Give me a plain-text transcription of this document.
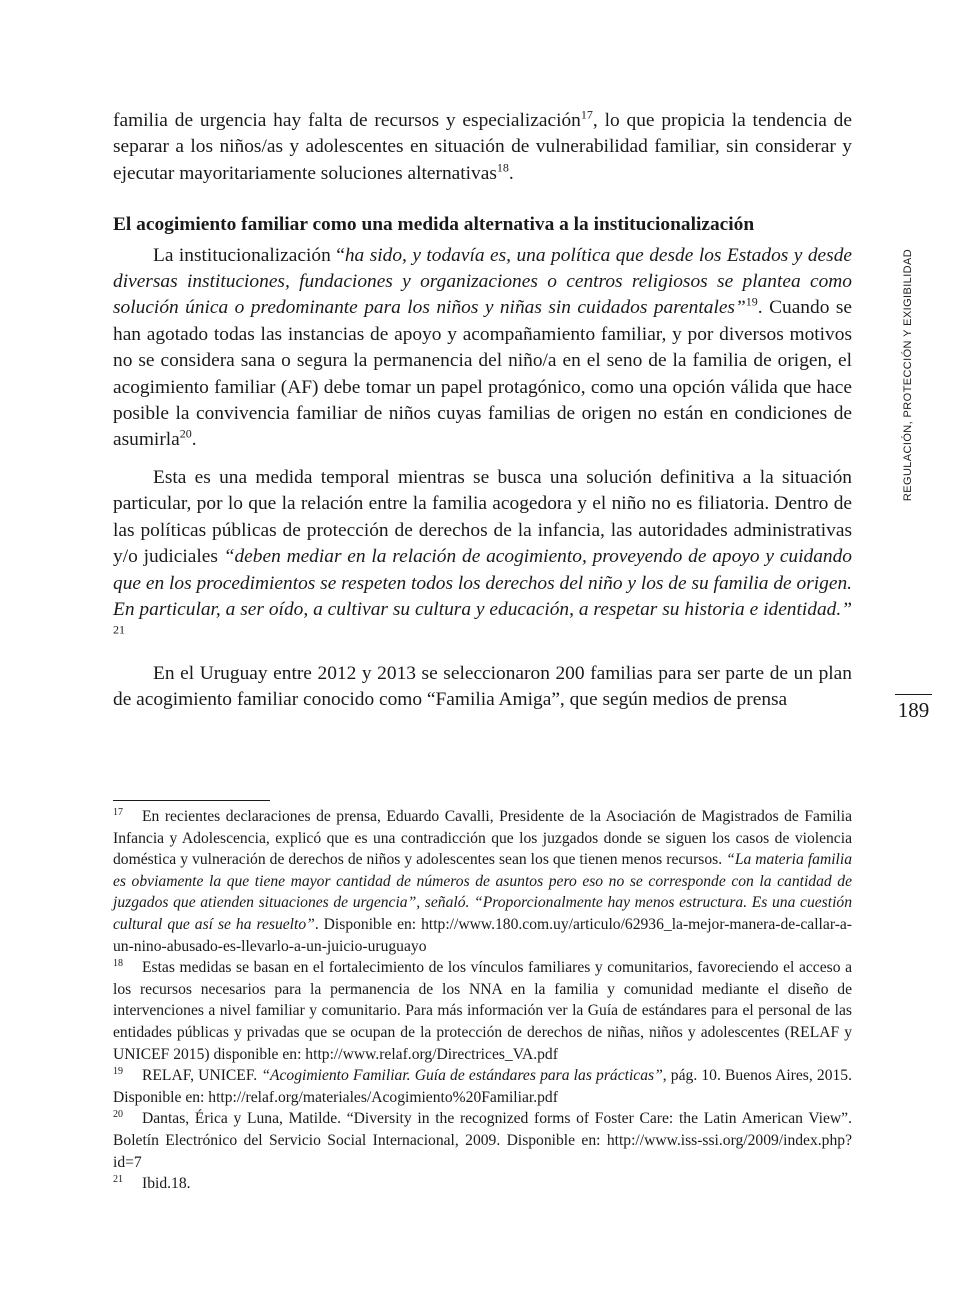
familia de urgencia hay falta de recursos y especialización$^{17}$, lo que propicia la tendencia de separar a los niños/as y adolescentes en situación de vulnerabilidad familiar, sin considerar y ejecutar mayoritariamente soluciones alternativas$^{18}$.

El acogimiento familiar como una medida alternativa a la institucionalización

La institucionalización “ha sido, y todavía es, una política que desde los Estados y desde diversas instituciones, fundaciones y organizaciones o centros religiosos se plantea como solución única o predominante para los niños y niñas sin cuidados parentales”$^{19}$. Cuando se han agotado todas las instancias de apoyo y acompañamiento familiar, y por diversos motivos no se considera sana o segura la permanencia del niño/a en el seno de la familia de origen, el acogimiento familiar (AF) debe tomar un papel protagónico, como una opción válida que hace posible la convivencia familiar de niños cuyas familias de origen no están en condiciones de asumirla$^{20}$.

Esta es una medida temporal mientras se busca una solución definitiva a la situación particular, por lo que la relación entre la familia acogedora y el niño no es filiatoria. Dentro de las políticas públicas de protección de derechos de la infancia, las autoridades administrativas y/o judiciales “deben mediar en la relación de acogimiento, proveyendo de apoyo y cuidando que en los procedimientos se respeten todos los derechos del niño y los de su familia de origen. En particular, a ser oído, a cultivar su cultura y educación, a respetar su historia e identidad.” $^{21}$

En el Uruguay entre 2012 y 2013 se seleccionaron 200 familias para ser parte de un plan de acogimiento familiar conocido como “Familia Amiga”, que según medios de prensa

REGULACIÓN, PROTECCIÓN Y EXIGIBILIDAD
189

17 En recientes declaraciones de prensa, Eduardo Cavalli, Presidente de la Asociación de Magistrados de Familia Infancia y Adolescencia, explicó que es una contradicción que los juzgados donde se siguen los casos de violencia doméstica y vulneración de derechos de niños y adolescentes sean los que tienen menos recursos. “La materia familia es obviamente la que tiene mayor cantidad de números de asuntos pero eso no se corresponde con la cantidad de juzgados que atienden situaciones de urgencia”, señaló. “Proporcionalmente hay menos estructura. Es una cuestión cultural que así se ha resuelto”. Disponible en: http://www.180.com.uy/articulo/62936_la-mejor-manera-de-callar-a-un-nino-abusado-es-llevarlo-a-un-juicio-uruguayo

18 Estas medidas se basan en el fortalecimiento de los vínculos familiares y comunitarios, favoreciendo el acceso a los recursos necesarios para la permanencia de los NNA en la familia y comunidad mediante el diseño de intervenciones a nivel familiar y comunitario. Para más información ver la Guía de estándares para el personal de las entidades públicas y privadas que se ocupan de la protección de derechos de niñas, niños y adolescentes (RELAF y UNICEF 2015) disponible en: http://www.relaf.org/Directrices_VA.pdf

19 RELAF, UNICEF. “Acogimiento Familiar. Guía de estándares para las prácticas”, pág. 10. Buenos Aires, 2015. Disponible en: http://relaf.org/materiales/Acogimiento%20Familiar.pdf

20 Dantas, Érica y Luna, Matilde. “Diversity in the recognized forms of Foster Care: the Latin American View”. Boletín Electrónico del Servicio Social Internacional, 2009. Disponible en: http://www.iss-ssi.org/2009/index.php?id=7

21 Ibid.18.
